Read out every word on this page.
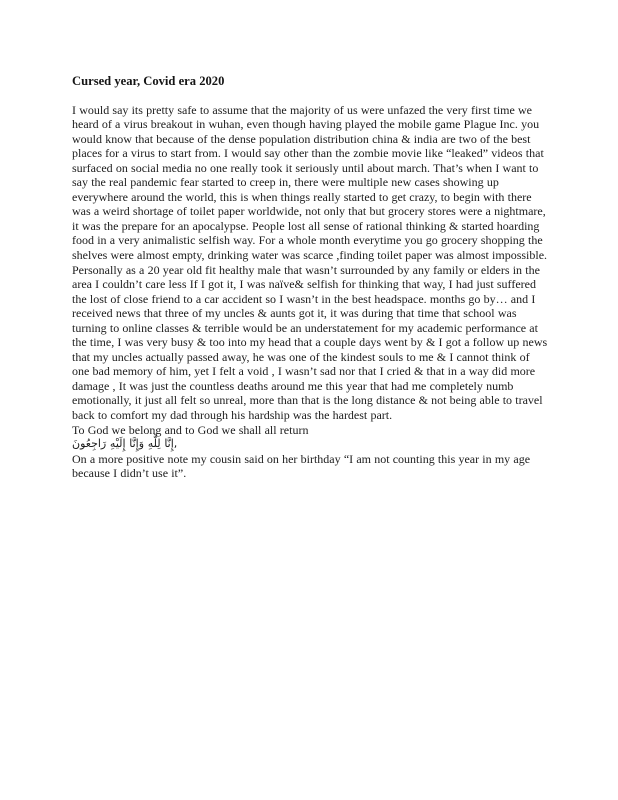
Cursed year, Covid era 2020

I would say its pretty safe to assume that the majority of us were unfazed the very first time we heard of a virus breakout in wuhan, even though having played the mobile game Plague Inc. you would know that because of the dense population distribution china & india are two of the best places for a virus to start from. I would say other than the zombie movie like “leaked” videos that surfaced on social media no one really took it seriously until about march. That’s when I want to say the real pandemic fear started to creep in, there were multiple new cases showing up everywhere around the world, this is when things really started to get crazy, to begin with there was a weird shortage of toilet paper worldwide, not only that but grocery stores were a nightmare, it was the prepare for an apocalypse. People lost all sense of rational thinking & started hoarding food in a very animalistic selfish way. For a whole month everytime you go grocery shopping the shelves were almost empty, drinking water was scarce ,finding toilet paper was almost impossible.

Personally as a 20 year old fit healthy male that wasn’t surrounded by any family or elders in the area I couldn’t care less If I got it, I was naïve& selfish for thinking that way, I had just suffered the lost of close friend to a car accident so I wasn’t in the best headspace. months go by… and I received news that three of my uncles & aunts got it, it was during that time that school was turning to online classes & terrible would be an understatement for my academic performance at the time, I was very busy & too into my head that a couple days went by & I got a follow up news that my uncles actually passed away, he was one of the kindest souls to me & I cannot think of one bad memory of him, yet I felt a void , I wasn’t sad nor that I cried & that in a way did more damage , It was just the countless deaths around me this year that had me completely numb emotionally, it just all felt so unreal, more than that is the long distance & not being able to travel back to comfort my dad through his hardship was the hardest part.

To God we belong and to God we shall all return

,إِنَّا لِلَّهِ وَإِنَّا إِلَيْهِ رَاجِعُونَ

On a more positive note my cousin said on her birthday “I am not counting this year in my age because I didn’t use it”.
